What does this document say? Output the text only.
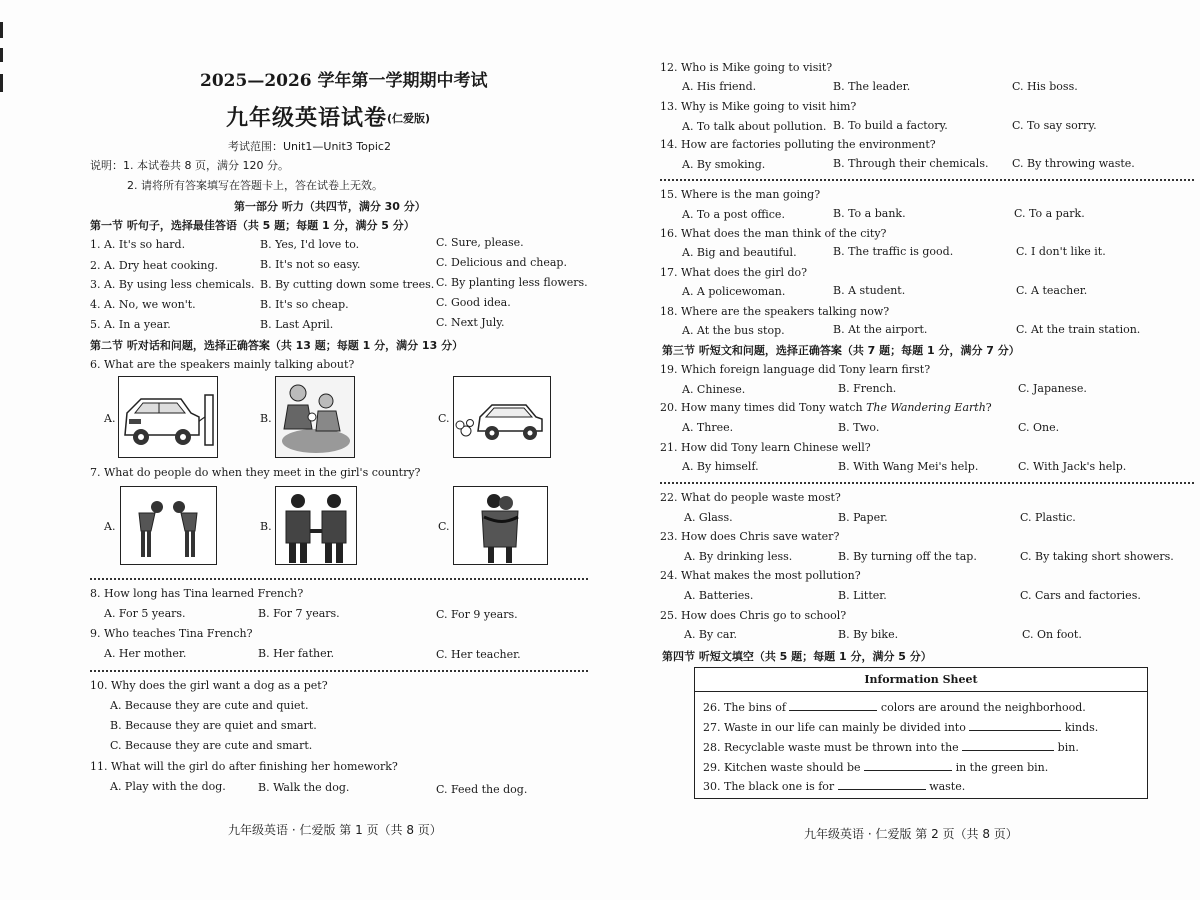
2025—2026 学年第一学期期中考试
九年级英语试卷 (仁爱版)
考试范围：Unit1—Unit3 Topic2
说明：1. 本试卷共 8 页，满分 120 分。
2. 请将所有答案填写在答题卡上，答在试卷上无效。
第一部分 听力（共四节，满分 30 分）
第一节 听句子，选择最佳答语（共 5 题；每题 1 分，满分 5 分）
1. A. It's so hard.	B. Yes, I'd love to.	C. Sure, please.
2. A. Dry heat cooking.	B. It's not so easy.	C. Delicious and cheap.
3. A. By using less chemicals. B. By cutting down some trees. C. By planting less flowers.
4. A. No, we won't.	B. It's so cheap.	C. Good idea.
5. A. In a year.	B. Last April.	C. Next July.
第二节 听对话和问题，选择正确答案（共 13 题；每题 1 分，满分 13 分）
6. What are the speakers mainly talking about?
A.	B.	C.
7. What do people do when they meet in the girl's country?
A.	B.	C.
8. How long has Tina learned French?
A. For 5 years.	B. For 7 years.	C. For 9 years.
9. Who teaches Tina French?
A. Her mother.	B. Her father.	C. Her teacher.
10. Why does the girl want a dog as a pet?
A. Because they are cute and quiet.
B. Because they are quiet and smart.
C. Because they are cute and smart.
11. What will the girl do after finishing her homework?
A. Play with the dog.	B. Walk the dog.	C. Feed the dog.
九年级英语 · 仁爱版 第 1 页（共 8 页）
12. Who is Mike going to visit?
A. His friend.	B. The leader.	C. His boss.
13. Why is Mike going to visit him?
A. To talk about pollution. B. To build a factory.	C. To say sorry.
14. How are factories polluting the environment?
A. By smoking.	B. Through their chemicals. C. By throwing waste.
15. Where is the man going?
A. To a post office.	B. To a bank.	C. To a park.
16. What does the man think of the city?
A. Big and beautiful.	B. The traffic is good.	C. I don't like it.
17. What does the girl do?
A. A policewoman.	B. A student.	C. A teacher.
18. Where are the speakers talking now?
A. At the bus stop.	B. At the airport.	C. At the train station.
第三节 听短文和问题，选择正确答案（共 7 题；每题 1 分，满分 7 分）
19. Which foreign language did Tony learn first?
A. Chinese.	B. French.	C. Japanese.
20. How many times did Tony watch The Wandering Earth?
A. Three.	B. Two.	C. One.
21. How did Tony learn Chinese well?
A. By himself.	B. With Wang Mei's help.	C. With Jack's help.
22. What do people waste most?
A. Glass.	B. Paper.	C. Plastic.
23. How does Chris save water?
A. By drinking less.	B. By turning off the tap.	C. By taking short showers.
24. What makes the most pollution?
A. Batteries.	B. Litter.	C. Cars and factories.
25. How does Chris go to school?
A. By car.	B. By bike.	C. On foot.
第四节 听短文填空（共 5 题；每题 1 分，满分 5 分）
Information Sheet
26. The bins of	colors are around the neighborhood.
27. Waste in our life can mainly be divided into	kinds.
28. Recyclable waste must be thrown into the	bin.
29. Kitchen waste should be	in the green bin.
30. The black one is for	waste.
九年级英语 · 仁爱版 第 2 页（共 8 页）
